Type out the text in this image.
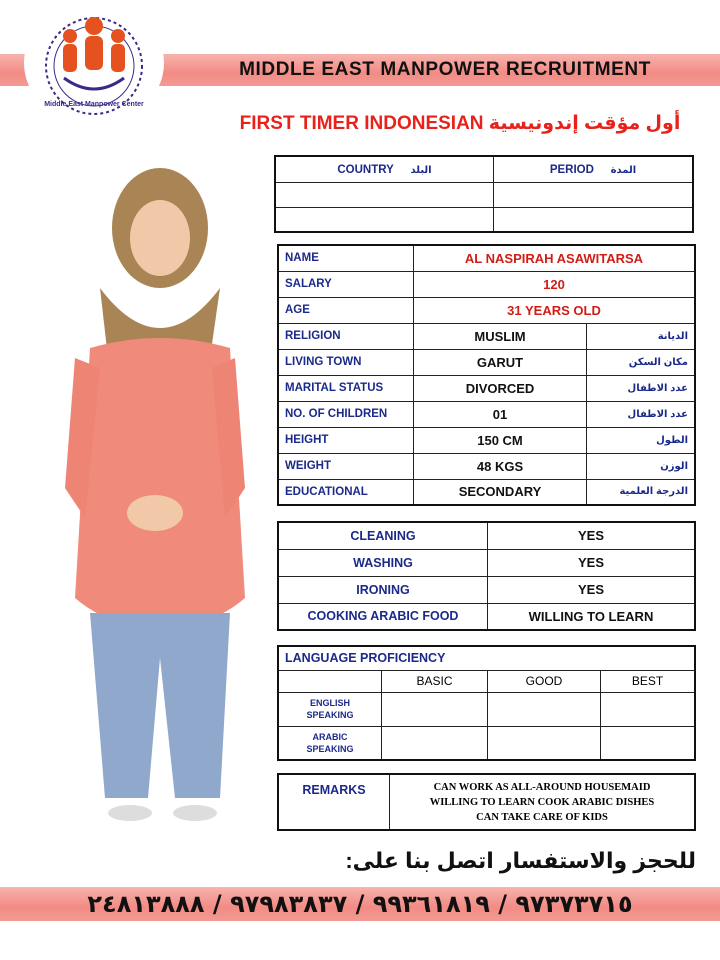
MIDDLE EAST MANPOWER RECRUITMENT
Middle East Manpower Center
FIRST TIMER INDONESIAN أول مؤقت إندونيسية
COUNTRY البلد	PERIOD المدة

NAME	AL NASPIRAH ASAWITARSA	
SALARY	120	
AGE	31 YEARS OLD	
RELIGION	MUSLIM	الديانة
LIVING TOWN	GARUT	مكان السكن
MARITAL STATUS	DIVORCED	عدد الاطفال
NO. OF CHILDREN	01	عدد الاطفال
HEIGHT	150 CM	الطول
WEIGHT	48 KGS	الوزن
EDUCATIONAL	SECONDARY	الدرجة العلمية
CLEANING	YES
WASHING	YES
IRONING	YES
COOKING ARABIC FOOD	WILLING TO LEARN
LANGUAGE PROFICIENCY			
	BASIC	GOOD	BEST
ENGLISH
SPEAKING			
ARABIC
SPEAKING			
REMARKS	CAN WORK AS ALL-AROUND HOUSEMAID
WILLING TO LEARN COOK ARABIC DISHES
CAN TAKE CARE OF KIDS
للحجز والاستفسار اتصل بنا على:
٩٧٣٧٣٧١٥ / ٩٩٣٦١٨١٩ / ٩٧٩٨٣٨٣٧ / ٢٤٨١٣٨٨٨
